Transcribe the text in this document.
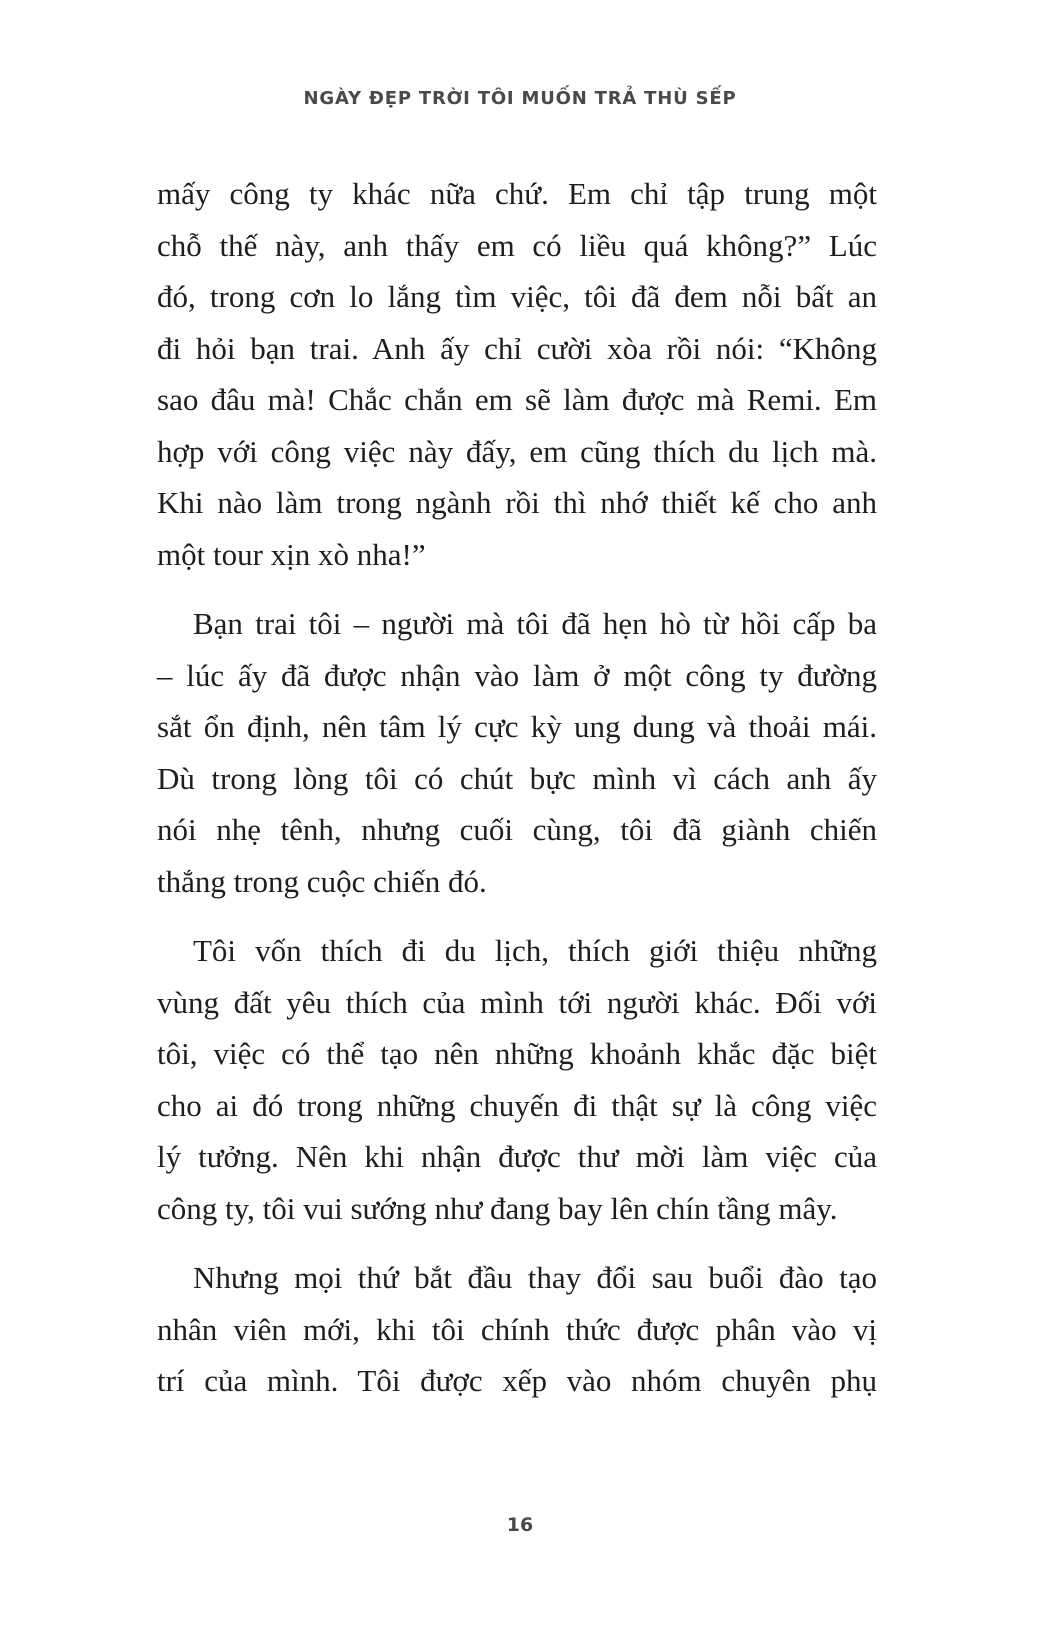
NGÀY ĐẸP TRỜI TÔI MUỐN TRẢ THÙ SẾP
mấy công ty khác nữa chứ. Em chỉ tập trung một
chỗ thế này, anh thấy em có liều quá không?” Lúc
đó, trong cơn lo lắng tìm việc, tôi đã đem nỗi bất an
đi hỏi bạn trai. Anh ấy chỉ cười xòa rồi nói: “Không
sao đâu mà! Chắc chắn em sẽ làm được mà Remi. Em
hợp với công việc này đấy, em cũng thích du lịch mà.
Khi nào làm trong ngành rồi thì nhớ thiết kế cho anh
một tour xịn xò nha!”
Bạn trai tôi – người mà tôi đã hẹn hò từ hồi cấp ba
– lúc ấy đã được nhận vào làm ở một công ty đường
sắt ổn định, nên tâm lý cực kỳ ung dung và thoải mái.
Dù trong lòng tôi có chút bực mình vì cách anh ấy
nói nhẹ tênh, nhưng cuối cùng, tôi đã giành chiến
thắng trong cuộc chiến đó.
Tôi vốn thích đi du lịch, thích giới thiệu những
vùng đất yêu thích của mình tới người khác. Đối với
tôi, việc có thể tạo nên những khoảnh khắc đặc biệt
cho ai đó trong những chuyến đi thật sự là công việc
lý tưởng. Nên khi nhận được thư mời làm việc của
công ty, tôi vui sướng như đang bay lên chín tầng mây.
Nhưng mọi thứ bắt đầu thay đổi sau buổi đào tạo
nhân viên mới, khi tôi chính thức được phân vào vị
trí của mình. Tôi được xếp vào nhóm chuyên phụ
16
